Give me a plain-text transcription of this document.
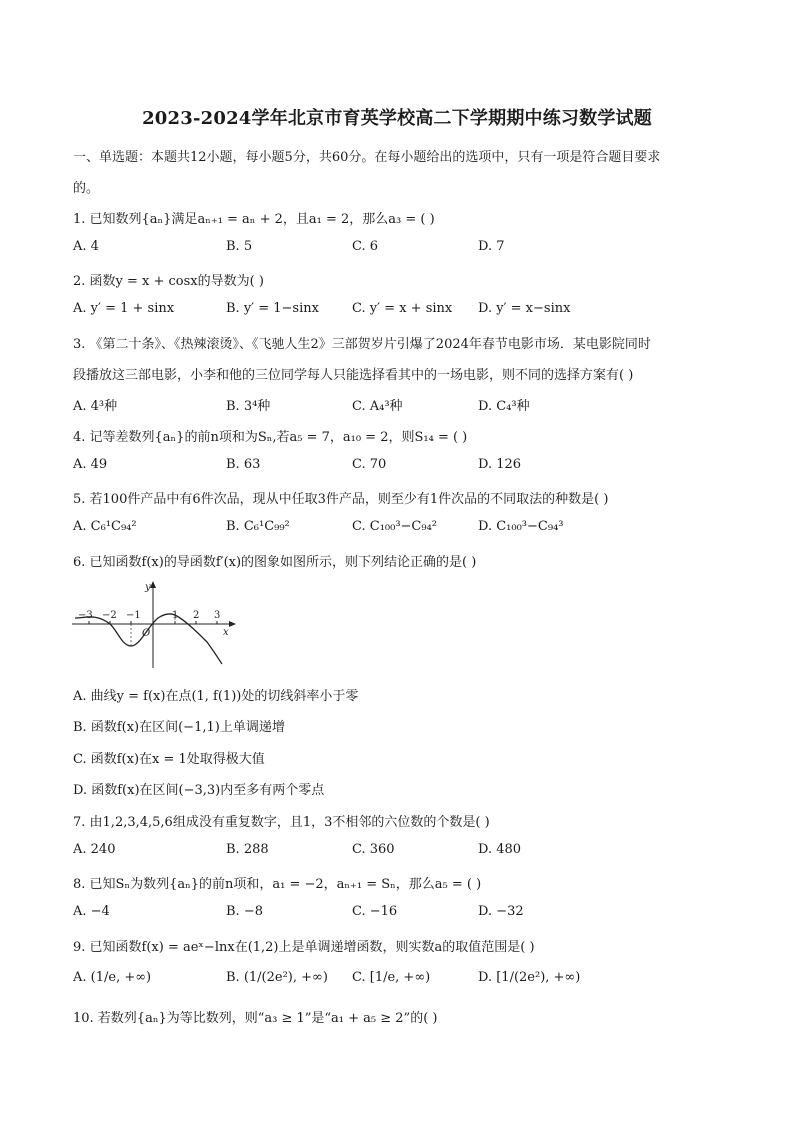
2023-2024学年北京市育英学校高二下学期期中练习数学试题
一、单选题：本题共12小题，每小题5分，共60分。在每小题给出的选项中，只有一项是符合题目要求
的。
1. 已知数列{aₙ}满足aₙ₊₁ = aₙ + 2，且a₁ = 2，那么a₃ = ( )
A. 4	B. 5	C. 6	D. 7
2. 函数y = x + cosx的导数为( )
A. y′ = 1 + sinx	B. y′ = 1−sinx	C. y′ = x + sinx D. y′ = x−sinx
3. 《第二十条》、《热辣滚烫》、《飞驰人生2》三部贺岁片引爆了2024年春节电影市场．某电影院同时
段播放这三部电影，小李和他的三位同学每人只能选择看其中的一场电影，则不同的选择方案有( )
A. 4³种	B. 3⁴种	C. A₄³种	D. C₄³种
4. 记等差数列{aₙ}的前n项和为Sₙ,若a₅ = 7，a₁₀ = 2，则S₁₄ = ( )
A. 49	B. 63	C. 70	D. 126
5. 若100件产品中有6件次品，现从中任取3件产品，则至少有1件次品的不同取法的种数是( )
A. C₆¹C₉₄²	B. C₆¹C₉₉²	C. C₁₀₀³−C₉₄²	D. C₁₀₀³−C₉₄³
6. 已知函数f(x)的导函数f′(x)的图象如图所示，则下列结论正确的是( )
−3 −2 −1	1 2 3
O	x
y
A. 曲线y = f(x)在点(1, f(1))处的切线斜率小于零
B. 函数f(x)在区间(−1,1)上单调递增
C. 函数f(x)在x = 1处取得极大值
D. 函数f(x)在区间(−3,3)内至多有两个零点
7. 由1,2,3,4,5,6组成没有重复数字，且1，3不相邻的六位数的个数是( )
A. 240	B. 288	C. 360	D. 480
8. 已知Sₙ为数列{aₙ}的前n项和，a₁ = −2，aₙ₊₁ = Sₙ，那么a₅ = ( )
A. −4	B. −8	C. −16	D. −32
9. 已知函数f(x) = aeˣ−lnx在(1,2)上是单调递增函数，则实数a的取值范围是( )
A. (1/e, +∞)	B. (1/(2e²), +∞) C. [1/e, +∞)	D. [1/(2e²), +∞)
10. 若数列{aₙ}为等比数列，则“a₃ ≥ 1”是“a₁ + a₅ ≥ 2”的( )
